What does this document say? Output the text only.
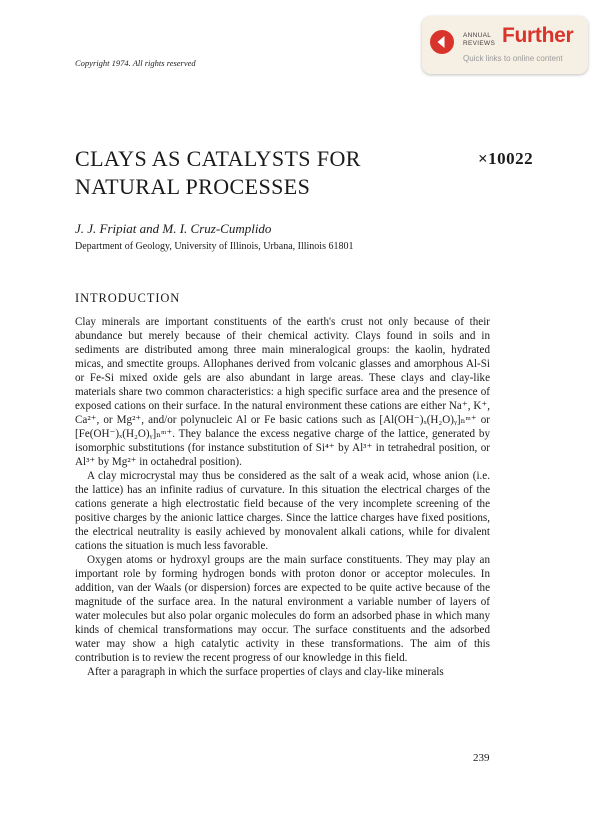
Copyright 1974. All rights reserved
ANNUAL
REVIEWS Further
Quick links to online content
CLAYS AS CATALYSTS FOR
NATURAL PROCESSES
×10022
J. J. Fripiat and M. I. Cruz-Cumplido
Department of Geology, University of Illinois, Urbana, Illinois 61801
INTRODUCTION

Clay minerals are important constituents of the earth's crust not only because of their abundance but merely because of their chemical activity. Clays found in soils and in sediments are distributed among three main mineralogical groups: the kaolin, hydrated micas, and smectite groups. Allophanes derived from volcanic glasses and amorphous Al-Si or Fe-Si mixed oxide gels are also abundant in large areas. These clays and clay-like materials share two common characteristics: a high specific surface area and the presence of exposed cations on their surface. In the natural environment these cations are either Na⁺, K⁺, Ca²⁺, or Mg²⁺, and/or polynucleic Al or Fe basic cations such as [Al(OH⁻)ₓ(H₂O)ᵧ]ₙᵐ⁺ or [Fe(OH⁻)ₓ(H₂O)ᵧ]ₙᵐ⁺. They balance the excess negative charge of the lattice, generated by isomorphic substitutions (for instance substitution of Si⁴⁺ by Al³⁺ in tetrahedral position, or Al³⁺ by Mg²⁺ in octahedral position).

A clay microcrystal may thus be considered as the salt of a weak acid, whose anion (i.e. the lattice) has an infinite radius of curvature. In this situation the electrical charges of the cations generate a high electrostatic field because of the very incomplete screening of the positive charges by the anionic lattice charges. Since the lattice charges have fixed positions, the electrical neutrality is easily achieved by monovalent alkali cations, while for divalent cations the situation is much less favorable.

Oxygen atoms or hydroxyl groups are the main surface constituents. They may play an important role by forming hydrogen bonds with proton donor or acceptor molecules. In addition, van der Waals (or dispersion) forces are expected to be quite active because of the magnitude of the surface area. In the natural environment a variable number of layers of water molecules but also polar organic molecules do form an adsorbed phase in which many kinds of chemical transformations may occur. The surface constituents and the adsorbed water may show a high catalytic activity in these transformations. The aim of this contribution is to review the recent progress of our knowledge in this field.

After a paragraph in which the surface properties of clays and clay-like minerals

239
